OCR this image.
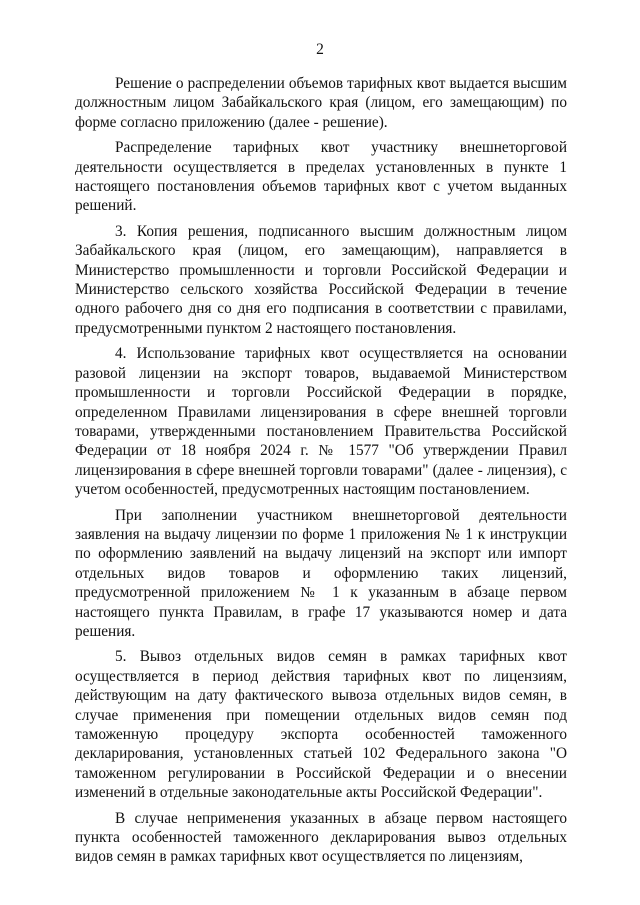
2

Решение о распределении объемов тарифных квот выдается высшим должностным лицом Забайкальского края (лицом, его замещающим) по форме согласно приложению (далее - решение).

Распределение тарифных квот участнику внешнеторговой деятельности осуществляется в пределах установленных в пункте 1 настоящего постановления объемов тарифных квот с учетом выданных решений.

3. Копия решения, подписанного высшим должностным лицом Забайкальского края (лицом, его замещающим), направляется в Министерство промышленности и торговли Российской Федерации и Министерство сельского хозяйства Российской Федерации в течение одного рабочего дня со дня его подписания в соответствии с правилами, предусмотренными пунктом 2 настоящего постановления.

4. Использование тарифных квот осуществляется на основании разовой лицензии на экспорт товаров, выдаваемой Министерством промышленности и торговли Российской Федерации в порядке, определенном Правилами лицензирования в сфере внешней торговли товарами, утвержденными постановлением Правительства Российской Федерации от 18 ноября 2024 г. № 1577 "Об утверждении Правил лицензирования в сфере внешней торговли товарами" (далее - лицензия), с учетом особенностей, предусмотренных настоящим постановлением.

При заполнении участником внешнеторговой деятельности заявления на выдачу лицензии по форме 1 приложения № 1 к инструкции по оформлению заявлений на выдачу лицензий на экспорт или импорт отдельных видов товаров и оформлению таких лицензий, предусмотренной приложением № 1 к указанным в абзаце первом настоящего пункта Правилам, в графе 17 указываются номер и дата решения.

5. Вывоз отдельных видов семян в рамках тарифных квот осуществляется в период действия тарифных квот по лицензиям, действующим на дату фактического вывоза отдельных видов семян, в случае применения при помещении отдельных видов семян под таможенную процедуру экспорта особенностей таможенного декларирования, установленных статьей 102 Федерального закона "О таможенном регулировании в Российской Федерации и о внесении изменений в отдельные законодательные акты Российской Федерации".

В случае неприменения указанных в абзаце первом настоящего пункта особенностей таможенного декларирования вывоз отдельных видов семян в рамках тарифных квот осуществляется по лицензиям,
